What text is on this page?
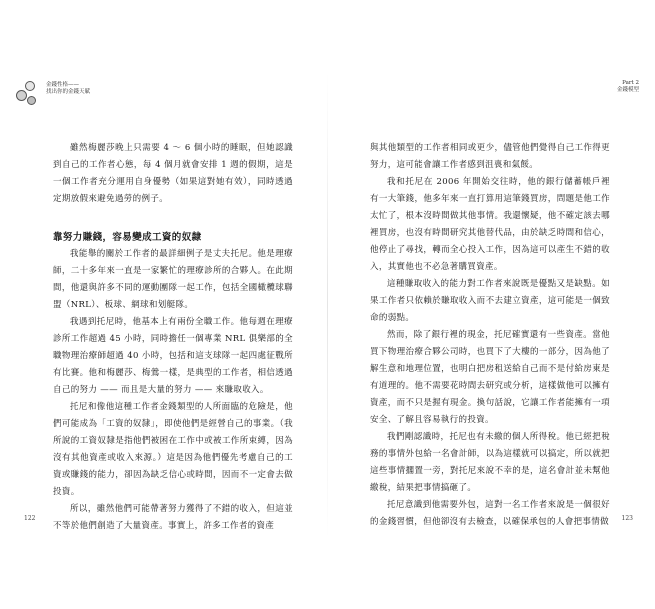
金錢性格——
找出你的金錢天賦
Part 2
金錢模型

雖然梅麗莎晚上只需要 4 ～ 6 個小時的睡眠，但她認識到自己的工作者心態，每 4 個月就會安排 1 週的假期，這是一個工作者充分運用自身優勢（如果這對她有效），同時透過定期放假來避免過勞的例子。

靠努力賺錢，容易變成工資的奴隸

我能舉的關於工作者的最詳細例子是丈夫托尼。他是理療師，二十多年來一直是一家繁忙的理療診所的合夥人。在此期間，他還與許多不同的運動團隊一起工作，包括全國橄欖球聯盟（NRL）、板球、網球和划艇隊。

我遇到托尼時，他基本上有兩份全職工作。他每週在理療診所工作超過 45 小時，同時擔任一個專業 NRL 俱樂部的全職物理治療師超過 40 小時，包括和這支球隊一起四處征戰所有比賽。他和梅麗莎、梅鶯一樣，是典型的工作者，相信透過自己的努力 —— 而且是大量的努力 —— 來賺取收入。

托尼和像他這種工作者金錢類型的人所面臨的危險是，他們可能成為「工資的奴隸」，即使他們是經營自己的事業。（我所說的工資奴隸是指他們被困在工作中或被工作所束縛，因為沒有其他資產或收入來源。）這是因為他們優先考慮自己的工資或賺錢的能力，卻因為缺乏信心或時間，因而不一定會去做投資。

所以，雖然他們可能帶著努力獲得了不錯的收入，但這並不等於他們創造了大量資產。事實上，許多工作者的資產

與其他類型的工作者相同或更少，儘管他們覺得自己工作得更努力，這可能會讓工作者感到沮喪和氣餒。

我和托尼在 2006 年開始交往時，他的銀行儲蓄帳戶裡有一大筆錢，他多年來一直打算用這筆錢買房，問題是他工作太忙了，根本沒時間做其他事情。我還懷疑，他不確定該去哪裡買房，也沒有時間研究其他替代品，由於缺乏時間和信心，他停止了尋找，轉而全心投入工作，因為這可以產生不錯的收入，其實他也不必急著購買資產。

這種賺取收入的能力對工作者來說既是優點又是缺點。如果工作者只依賴於賺取收入而不去建立資產，這可能是一個致命的弱點。

然而，除了銀行裡的現金，托尼確實還有一些資產。當他買下物理治療合夥公司時，也買下了大樓的一部分，因為他了解生意和地理位置，也明白把房租送給自己而不是付給房東是有道理的。他不需要花時間去研究或分析，這樣做他可以擁有資產，而不只是握有現金。換句話說，它讓工作者能擁有一項安全、了解且容易執行的投資。

我們剛認識時，托尼也有未繳的個人所得稅。他已經把稅務的事情外包給一名會計師，以為這樣就可以搞定，所以就把這些事情擱置一旁，對托尼來說不幸的是，這名會計並未幫他繳稅，結果把事情搞砸了。

托尼意識到他需要外包，這對一名工作者來說是一個很好的金錢習慣，但他卻沒有去檢查，以確保承包的人會把事情做

122	123
